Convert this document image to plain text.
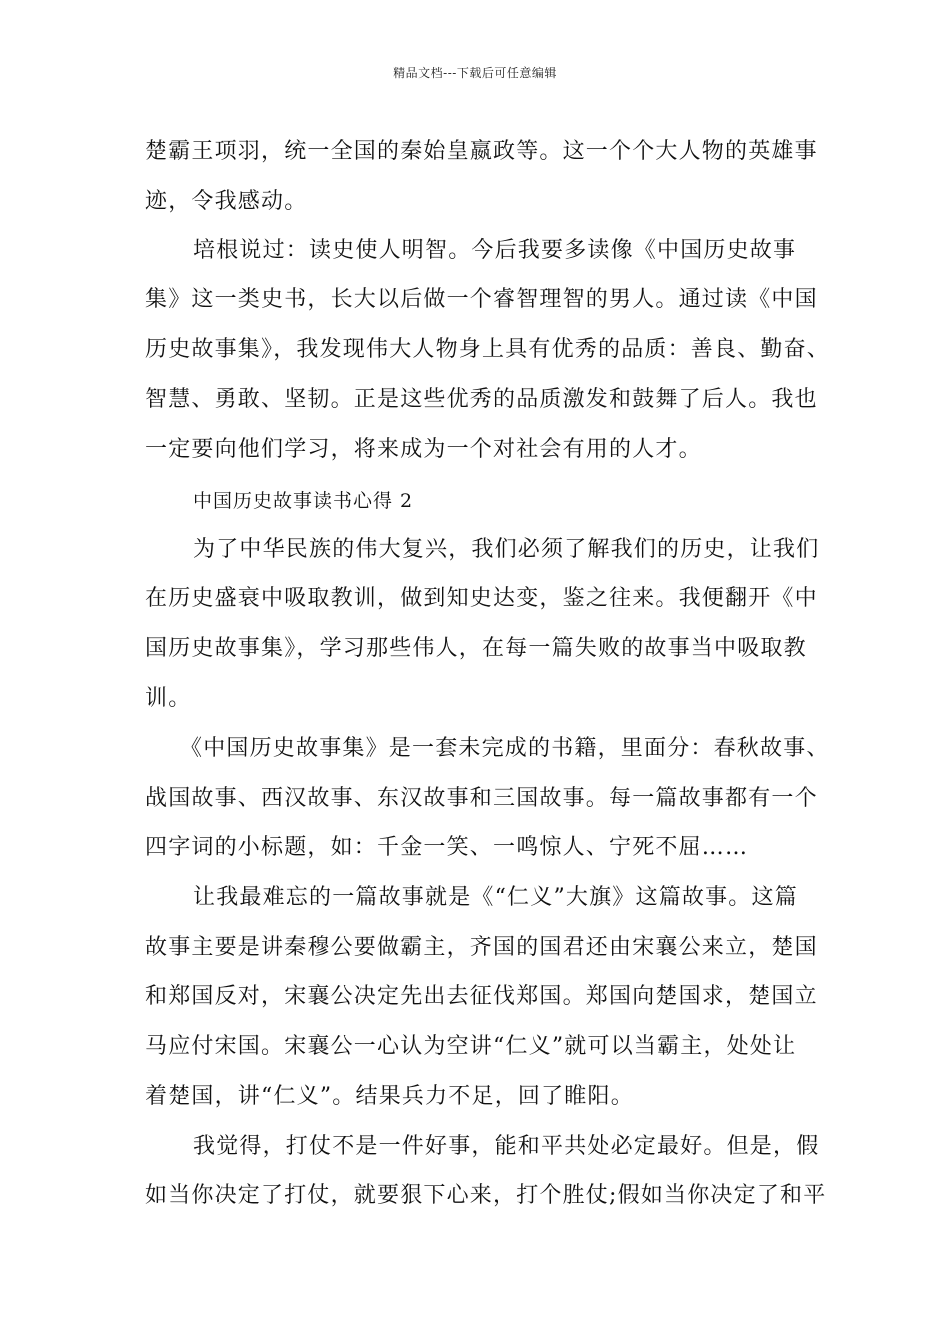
精品文档---下载后可任意编辑
楚霸王项羽，统一全国的秦始皇嬴政等。这一个个大人物的英雄事
迹，令我感动。
培根说过：读史使人明智。今后我要多读像《中国历史故事
集》这一类史书，长大以后做一个睿智理智的男人。通过读《中国
历史故事集》，我发现伟大人物身上具有优秀的品质：善良、勤奋、
智慧、勇敢、坚韧。正是这些优秀的品质激发和鼓舞了后人。我也
一定要向他们学习，将来成为一个对社会有用的人才。
中国历史故事读书心得 2
为了中华民族的伟大复兴，我们必须了解我们的历史，让我们
在历史盛衰中吸取教训，做到知史达变，鉴之往来。我便翻开《中
国历史故事集》，学习那些伟人，在每一篇失败的故事当中吸取教
训。
《中国历史故事集》是一套未完成的书籍，里面分：春秋故事、
战国故事、西汉故事、东汉故事和三国故事。每一篇故事都有一个
四字词的小标题，如：千金一笑、一鸣惊人、宁死不屈……
让我最难忘的一篇故事就是《“仁义”大旗》这篇故事。这篇
故事主要是讲秦穆公要做霸主，齐国的国君还由宋襄公来立，楚国
和郑国反对，宋襄公决定先出去征伐郑国。郑国向楚国求，楚国立
马应付宋国。宋襄公一心认为空讲“仁义”就可以当霸主，处处让
着楚国，讲“仁义”。结果兵力不足，回了睢阳。
我觉得，打仗不是一件好事，能和平共处必定最好。但是，假
如当你决定了打仗，就要狠下心来，打个胜仗;假如当你决定了和平
